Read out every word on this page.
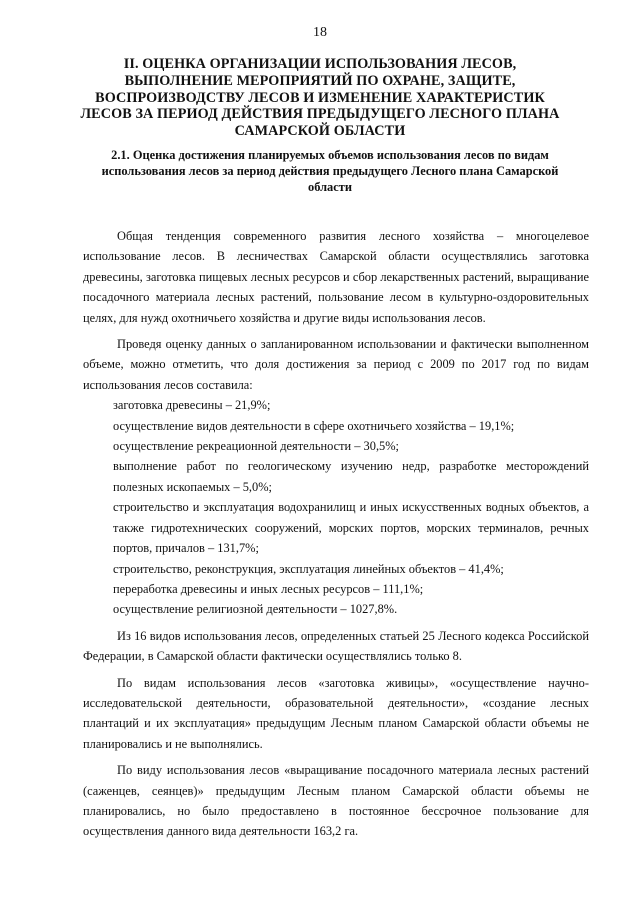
18
II. ОЦЕНКА ОРГАНИЗАЦИИ ИСПОЛЬЗОВАНИЯ ЛЕСОВ, ВЫПОЛНЕНИЕ МЕРОПРИЯТИЙ ПО ОХРАНЕ, ЗАЩИТЕ, ВОСПРОИЗВОДСТВУ ЛЕСОВ И ИЗМЕНЕНИЕ ХАРАКТЕРИСТИК ЛЕСОВ ЗА ПЕРИОД ДЕЙСТВИЯ ПРЕДЫДУЩЕГО ЛЕСНОГО ПЛАНА САМАРСКОЙ ОБЛАСТИ
2.1. Оценка достижения планируемых объемов использования лесов по видам использования лесов за период действия предыдущего Лесного плана Самарской области

Общая тенденция современного развития лесного хозяйства – многоцелевое использование лесов. В лесничествах Самарской области осуществлялись заготовка древесины, заготовка пищевых лесных ресурсов и сбор лекарственных растений, выращивание посадочного материала лесных растений, пользование лесом в культурно-оздоровительных целях, для нужд охотничьего хозяйства и другие виды использования лесов.

Проведя оценку данных о запланированном использовании и фактически выполненном объеме, можно отметить, что доля достижения за период с 2009 по 2017 год по видам использования лесов составила:

заготовка древесины – 21,9%;
осуществление видов деятельности в сфере охотничьего хозяйства – 19,1%;
осуществление рекреационной деятельности – 30,5%;
выполнение работ по геологическому изучению недр, разработке месторождений полезных ископаемых – 5,0%;
строительство и эксплуатация водохранилищ и иных искусственных водных объектов, а также гидротехнических сооружений, морских портов, морских терминалов, речных портов, причалов – 131,7%;
строительство, реконструкция, эксплуатация линейных объектов – 41,4%;
переработка древесины и иных лесных ресурсов – 111,1%;
осуществление религиозной деятельности – 1027,8%.

Из 16 видов использования лесов, определенных статьей 25 Лесного кодекса Российской Федерации, в Самарской области фактически осуществлялись только 8.

По видам использования лесов «заготовка живицы», «осуществление научно-исследовательской деятельности, образовательной деятельности», «создание лесных плантаций и их эксплуатация» предыдущим Лесным планом Самарской области объемы не планировались и не выполнялись.

По виду использования лесов «выращивание посадочного материала лесных растений (саженцев, сеянцев)» предыдущим Лесным планом Самарской области объемы не планировались, но было предоставлено в постоянное бессрочное пользование для осуществления данного вида деятельности 163,2 га.
